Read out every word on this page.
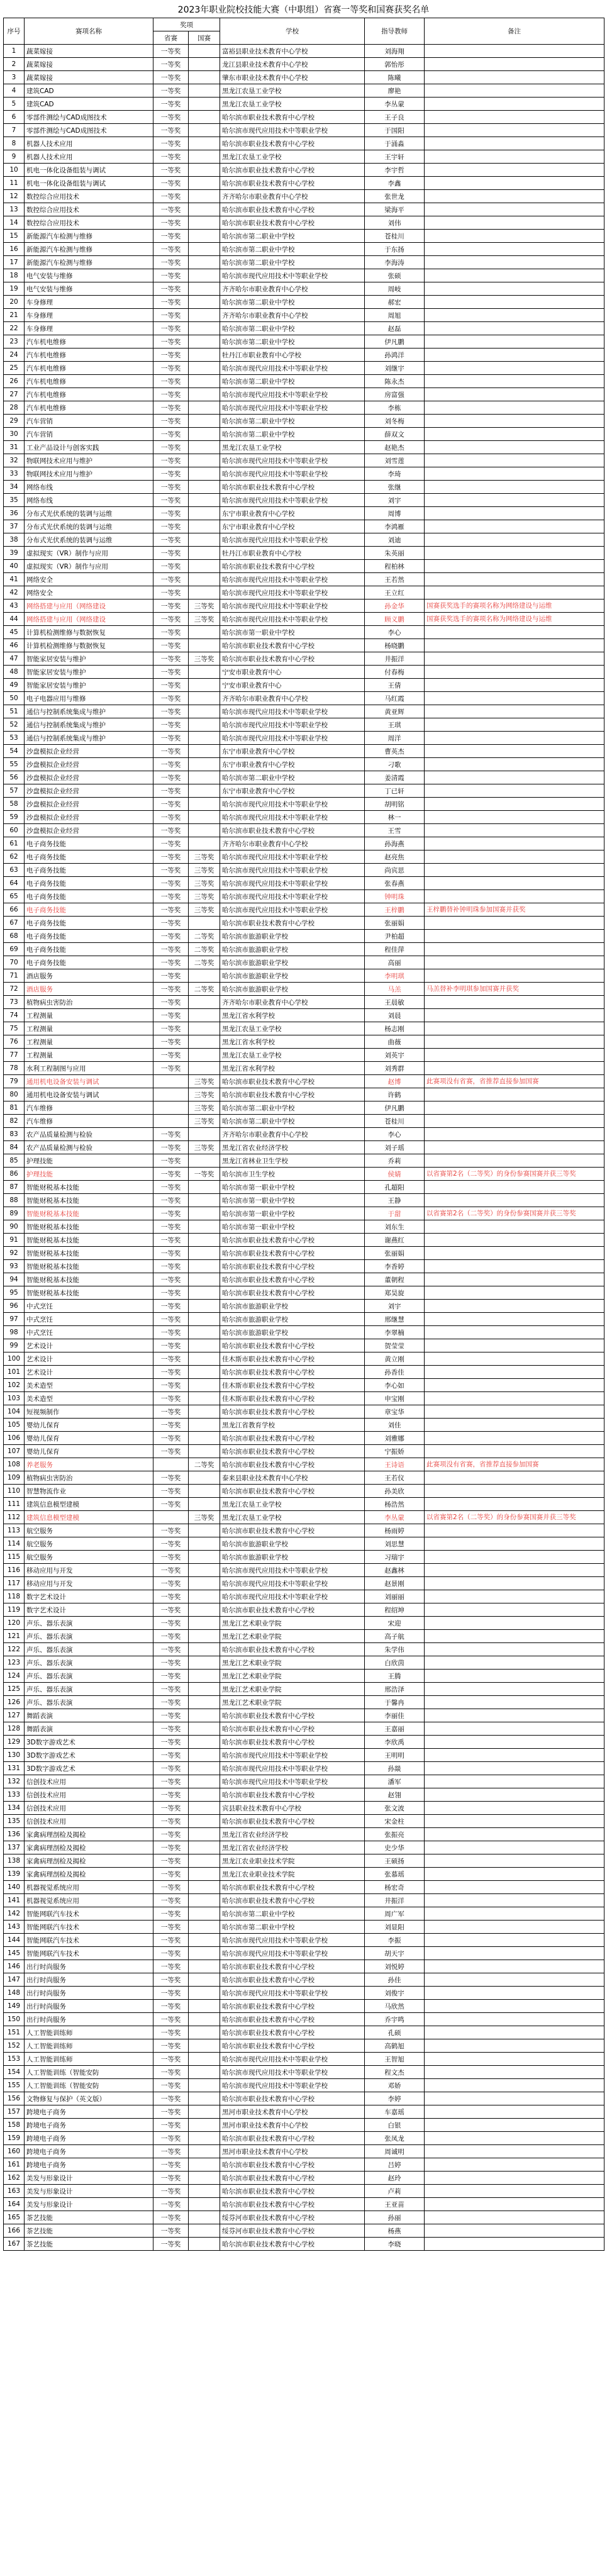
2023年职业院校技能大赛（中职组）省赛一等奖和国赛获奖名单
序号	赛项名称	奖项		学校	指导教师	备注
		省赛	国赛			
1	蔬菜嫁接	一等奖		富裕县职业技术教育中心学校	刘海翔	
2	蔬菜嫁接	一等奖		龙江县职业技术教育中心学校	郭怡彤	
3	蔬菜嫁接	一等奖		肇东市职业技术教育中心学校	陈曦	
4	建筑CAD	一等奖		黑龙江农垦工业学校	廖艳	
5	建筑CAD	一等奖		黑龙江农垦工业学校	李丛蒙	
6	零部件测绘与CAD成图技术	一等奖		哈尔滨市职业技术教育中心学校	王子良	
7	零部件测绘与CAD成图技术	一等奖		哈尔滨市现代应用技术中等职业学校	于国阳	
8	机器人技术应用	一等奖		哈尔滨市职业技术教育中心学校	于涌淼	
9	机器人技术应用	一等奖		黑龙江农垦工业学校	王宇轩	
10	机电一体化设备组装与调试	一等奖		哈尔滨市职业技术教育中心学校	李宇哲	
11	机电一体化设备组装与调试	一等奖		哈尔滨市职业技术教育中心学校	李鑫	
12	数控综合应用技术	一等奖		齐齐哈尔市职业教育中心学校	张世龙	
13	数控综合应用技术	一等奖		哈尔滨市职业技术教育中心学校	梁海平	
14	数控综合应用技术	一等奖		哈尔滨市职业技术教育中心学校	刘伟	
15	新能源汽车检测与维修	一等奖		哈尔滨市第二职业中学校	苍桂川	
16	新能源汽车检测与维修	一等奖		哈尔滨市第二职业中学校	于东扬	
17	新能源汽车检测与维修	一等奖		哈尔滨市第二职业中学校	李海涛	
18	电气安装与维修	一等奖		哈尔滨市现代应用技术中等职业学校	张硕	
19	电气安装与维修	一等奖		齐齐哈尔市职业教育中心学校	周岐	
20	车身修理	一等奖		哈尔滨市第二职业中学校	郝宏	
21	车身修理	一等奖		齐齐哈尔市职业教育中心学校	周旭	
22	车身修理	一等奖		哈尔滨市第二职业中学校	赵磊	
23	汽车机电维修	一等奖		哈尔滨市第二职业中学校	伊凡鹏	
24	汽车机电维修	一等奖		牡丹江市职业教育中心学校	孙鸿洋	
25	汽车机电维修	一等奖		哈尔滨市现代应用技术中等职业学校	刘继宇	
26	汽车机电维修	一等奖		哈尔滨市第二职业中学校	陈永杰	
27	汽车机电维修	一等奖		哈尔滨市现代应用技术中等职业学校	房富强	
28	汽车机电维修	一等奖		哈尔滨市现代应用技术中等职业学校	李栋	
29	汽车营销	一等奖		哈尔滨市第二职业中学校	刘冬梅	
30	汽车营销	一等奖		哈尔滨市第二职业中学校	薛双文	
31	工业产品设计与创客实践	一等奖		黑龙江农垦工业学校	赵艳杰	
32	物联网技术应用与维护	一等奖		哈尔滨市现代应用技术中等职业学校	刘雪莲	
33	物联网技术应用与维护	一等奖		哈尔滨市现代应用技术中等职业学校	李琦	
34	网络布线	一等奖		哈尔滨市职业技术教育中心学校	张继	
35	网络布线	一等奖		哈尔滨市现代应用技术中等职业学校	刘宇	
36	分布式光伏系统的装调与运维	一等奖		东宁市职业教育中心学校	周博	
37	分布式光伏系统的装调与运维	一等奖		东宁市职业教育中心学校	李鸿雁	
38	分布式光伏系统的装调与运维	一等奖		哈尔滨市现代应用技术中等职业学校	刘迪	
39	虚拟现实（VR）制作与应用	一等奖		牡丹江市职业教育中心学校	朱英丽	
40	虚拟现实（VR）制作与应用	一等奖		哈尔滨市职业技术教育中心学校	程柏林	
41	网络安全	一等奖		哈尔滨市现代应用技术中等职业学校	王若然	
42	网络安全	一等奖		哈尔滨市现代应用技术中等职业学校	王立红	
43	网络搭建与应用（网络建设	一等奖	三等奖	哈尔滨市现代应用技术中等职业学校	孙金华	国赛获奖选手的赛项名称为网络建设与运维
44	网络搭建与应用（网络建设	一等奖	三等奖	哈尔滨市现代应用技术中等职业学校	顾义鹏	国赛获奖选手的赛项名称为网络建设与运维
45	计算机检测维修与数据恢复	一等奖		哈尔滨市第一职业中学校	李心	
46	计算机检测维修与数据恢复	一等奖		哈尔滨市职业技术教育中心学校	杨晓鹏	
47	智能家居安装与维护	一等奖	三等奖	哈尔滨市职业技术教育中心学校	井振洋	
48	智能家居安装与维护	一等奖		宁安市职业教育中心	付春梅	
49	智能家居安装与维护	一等奖		宁安市职业教育中心	王倩	
50	电子电器应用与维修	一等奖		齐齐哈尔市职业教育中心学校	马红霞	
51	通信与控制系统集成与维护	一等奖		哈尔滨市现代应用技术中等职业学校	黄亚辉	
52	通信与控制系统集成与维护	一等奖		哈尔滨市现代应用技术中等职业学校	王琪	
53	通信与控制系统集成与维护	一等奖		哈尔滨市现代应用技术中等职业学校	周洋	
54	沙盘模拟企业经营	一等奖		东宁市职业教育中心学校	曹英杰	
55	沙盘模拟企业经营	一等奖		东宁市职业教育中心学校	刁歌	
56	沙盘模拟企业经营	一等奖		哈尔滨市第二职业中学校	姜清霞	
57	沙盘模拟企业经营	一等奖		东宁市职业教育中心学校	丁已轩	
58	沙盘模拟企业经营	一等奖		哈尔滨市现代应用技术中等职业学校	胡明铭	
59	沙盘模拟企业经营	一等奖		哈尔滨市现代应用技术中等职业学校	林一	
60	沙盘模拟企业经营	一等奖		哈尔滨市职业技术教育中心学校	王雪	
61	电子商务技能	一等奖		齐齐哈尔市职业教育中心学校	孙海燕	
62	电子商务技能	一等奖	三等奖	哈尔滨市现代应用技术中等职业学校	赵亮焦	
63	电子商务技能	一等奖	三等奖	哈尔滨市现代应用技术中等职业学校	尚宾思	
64	电子商务技能	一等奖	三等奖	哈尔滨市现代应用技术中等职业学校	张春燕	
65	电子商务技能	一等奖	三等奖	哈尔滨市现代应用技术中等职业学校	钟明珠	
66	电子商务技能	一等奖	三等奖	哈尔滨市现代应用技术中等职业学校	王梓鹏	王梓鹏替补钟明珠参加国赛并获奖
67	电子商务技能	一等奖		哈尔滨市职业技术教育中心学校	张丽娟	
68	电子商务技能	一等奖	二等奖	哈尔滨市旅游职业学校	尹柏超	
69	电子商务技能	一等奖	二等奖	哈尔滨市旅游职业学校	程佳萍	
70	电子商务技能	一等奖	二等奖	哈尔滨市旅游职业学校	高丽	
71	酒店服务	一等奖		哈尔滨市旅游职业学校	李明琪	
72	酒店服务	一等奖	二等奖	哈尔滨市旅游职业学校	马羔	马羔替补李明琪参加国赛并获奖
73	植物病虫害防治	一等奖		齐齐哈尔市职业教育中心学校	王晨敏	
74	工程测量	一等奖		黑龙江省水利学校	刘晨	
75	工程测量	一等奖		黑龙江农垦工业学校	杨志刚	
76	工程测量	一等奖		黑龙江省水利学校	曲薇	
77	工程测量	一等奖		黑龙江农垦工业学校	刘英宇	
78	水利工程制图与应用	一等奖		黑龙江省水利学校	刘秀群	
79	通用机电设备安装与调试		三等奖	哈尔滨市职业技术教育中心学校	赵博	此赛项没有省赛，省推荐直接参加国赛
80	通用机电设备安装与调试		三等奖	哈尔滨市职业技术教育中心学校	许鹤	
81	汽车维修		三等奖	哈尔滨市第二职业中学校	伊凡鹏	
82	汽车维修		三等奖	哈尔滨市第二职业中学校	苍桂川	
83	农产品质量检测与检验	一等奖		齐齐哈尔市职业教育中心学校	李心	
84	农产品质量检测与检验	一等奖	三等奖	黑龙江省农业经济学校	刘子瑶	
85	护理技能	一等奖		黑龙江省林业卫生学校	乔莉	
86	护理技能	一等奖	一等奖	哈尔滨市卫生学校	侯婧	以省赛第2名（二等奖）的身份参赛国赛并获三等奖
87	智能财税基本技能	一等奖		哈尔滨市第一职业中学校	孔超阳	
88	智能财税基本技能	一等奖		哈尔滨市第一职业中学校	王静	
89	智能财税基本技能	一等奖		哈尔滨市第一职业中学校	于甜	以省赛第2名（二等奖）的身份参赛国赛并获三等奖
90	智能财税基本技能	一等奖		哈尔滨市第一职业中学校	刘东生	
91	智能财税基本技能	一等奖		哈尔滨市职业技术教育中心学校	谢燕红	
92	智能财税基本技能	一等奖		哈尔滨市职业技术教育中心学校	张丽娟	
93	智能财税基本技能	一等奖		哈尔滨市职业技术教育中心学校	李香婷	
94	智能财税基本技能	一等奖		哈尔滨市职业技术教育中心学校	董朝程	
95	智能财税基本技能	一等奖		哈尔滨市职业技术教育中心学校	郑昊旋	
96	中式烹饪	一等奖		哈尔滨市旅游职业学校	刘宇	
97	中式烹饪	一等奖		哈尔滨市旅游职业学校	邢继慧	
98	中式烹饪	一等奖		哈尔滨市旅游职业学校	李翠楠	
99	艺术设计	一等奖		哈尔滨市职业技术教育中心学校	贺莹莹	
100	艺术设计	一等奖		佳木斯市职业技术教育中心学校	黄立刚	
101	艺术设计	一等奖		哈尔滨市职业技术教育中心学校	孙香佳	
102	美术造型	一等奖		佳木斯市职业技术教育中心学校	李心如	
103	美术造型	一等奖		佳木斯市职业技术教育中心学校	申宝刚	
104	短视频制作	一等奖		哈尔滨市职业技术教育中心学校	章宝华	
105	婴幼儿保育	一等奖		黑龙江省教育学校	刘佳	
106	婴幼儿保育	一等奖		哈尔滨市职业技术教育中心学校	刘雅娜	
107	婴幼儿保育	一等奖		哈尔滨市职业技术教育中心学校	宁振娇	
108	养老服务		二等奖	哈尔滨市职业技术教育中心学校	王诗语	此赛项没有省赛，省推荐直接参加国赛
109	植物病虫害防治	一等奖		泰来县职业技术教育中心学校	王若仪	
110	智慧物流作业	一等奖		哈尔滨市职业技术教育中心学校	孙美欣	
111	建筑信息模型建模	一等奖		黑龙江农垦工业学校	杨浩然	
112	建筑信息模型建模		三等奖	黑龙江农垦工业学校	李丛蒙	以省赛第2名（二等奖）的身份参赛国赛并获三等奖
113	航空服务	一等奖		哈尔滨市职业技术教育中心学校	杨雨婷	
114	航空服务	一等奖		哈尔滨市旅游职业学校	刘思慧	
115	航空服务	一等奖		哈尔滨市旅游职业学校	习瑞宇	
116	移动应用与开发	一等奖		哈尔滨市现代应用技术中等职业学校	赵鑫林	
117	移动应用与开发	一等奖		哈尔滨市现代应用技术中等职业学校	赵景刚	
118	数字艺术设计	一等奖		哈尔滨市现代应用技术中等职业学校	刘丽丽	
119	数字艺术设计	一等奖		哈尔滨市职业技术教育中心学校	程绍坤	
120	声乐、器乐表演	一等奖		黑龙江艺术职业学院	宋迎	
121	声乐、器乐表演	一等奖		黑龙江艺术职业学院	高子航	
122	声乐、器乐表演	一等奖		哈尔滨市职业技术教育中心学校	朱学伟	
123	声乐、器乐表演	一等奖		黑龙江艺术职业学院	白欣茵	
124	声乐、器乐表演	一等奖		黑龙江艺术职业学院	王腾	
125	声乐、器乐表演	一等奖		黑龙江艺术职业学院	邢浩泽	
126	声乐、器乐表演	一等奖		黑龙江艺术职业学院	于馨冉	
127	舞蹈表演	一等奖		哈尔滨市职业技术教育中心学校	李丽佳	
128	舞蹈表演	一等奖		哈尔滨市职业技术教育中心学校	王嘉丽	
129	3D数字游戏艺术	一等奖		哈尔滨市职业技术教育中心学校	李欣禹	
130	3D数字游戏艺术	一等奖		哈尔滨市现代应用技术中等职业学校	王明明	
131	3D数字游戏艺术	一等奖		哈尔滨市现代应用技术中等职业学校	孙燚	
132	信创技术应用	一等奖		哈尔滨市现代应用技术中等职业学校	潘军	
133	信创技术应用	一等奖		哈尔滨市职业技术教育中心学校	赵翎	
134	信创技术应用	一等奖		宾县职业技术教育中心学校	张文波	
135	信创技术应用	一等奖		哈尔滨市职业技术教育中心学校	宋金柱	
136	家禽病理剖检及揭检	一等奖		黑龙江省农业经济学校	张振亮	
137	家禽病理剖检及揭检	一等奖		黑龙江省农业经济学校	史少华	
138	家禽病理剖检及揭检	一等奖		黑龙江农业职业技术学院	王硕扬	
139	家禽病理剖检及揭检	一等奖		黑龙江农业职业技术学院	张慕瑶	
140	机器视觉系统应用	一等奖		哈尔滨市职业技术教育中心学校	杨宏奇	
141	机器视觉系统应用	一等奖		哈尔滨市职业技术教育中心学校	井振洋	
142	智能网联汽车技术	一等奖		哈尔滨市第二职业中学校	周广军	
143	智能网联汽车技术	一等奖		哈尔滨市第二职业中学校	刘显阳	
144	智能网联汽车技术	一等奖		哈尔滨市现代应用技术中等职业学校	李振	
145	智能网联汽车技术	一等奖		哈尔滨市现代应用技术中等职业学校	胡天宇	
146	出行时尚服务	一等奖		哈尔滨市职业技术教育中心学校	刘悦婷	
147	出行时尚服务	一等奖		哈尔滨市职业技术教育中心学校	孙佳	
148	出行时尚服务	一等奖		哈尔滨市现代应用技术中等职业学校	刘俊宇	
149	出行时尚服务	一等奖		哈尔滨市职业技术教育中心学校	马欣然	
150	出行时尚服务	一等奖		哈尔滨市职业技术教育中心学校	乔宇鸣	
151	人工智能训练师	一等奖		哈尔滨市职业技术教育中心学校	孔硕	
152	人工智能训练师	一等奖		哈尔滨市职业技术教育中心学校	高鹤旭	
153	人工智能训练师	一等奖		哈尔滨市现代应用技术中等职业学校	王智旭	
154	人工智能训练（智能安防	一等奖		哈尔滨市现代应用技术中等职业学校	程文杰	
155	人工智能训练（智能安防	一等奖		哈尔滨市现代应用技术中等职业学校	邓娇	
156	文物修复与保护（英文版）	一等奖		哈尔滨市职业技术教育中心学校	李婷	
157	跨境电子商务	一等奖		黑河市职业技术教育中心学校	车嘉瑶	
158	跨境电子商务	一等奖		黑河市职业技术教育中心学校	白银	
159	跨境电子商务	一等奖		哈尔滨市职业技术教育中心学校	张凤龙	
160	跨境电子商务	一等奖		黑河市职业技术教育中心学校	周诚明	
161	跨境电子商务	一等奖		哈尔滨市职业技术教育中心学校	吕婷	
162	美发与形象设计	一等奖		哈尔滨市职业技术教育中心学校	赵玲	
163	美发与形象设计	一等奖		哈尔滨市职业技术教育中心学校	卢莉	
164	美发与形象设计	一等奖		哈尔滨市职业技术教育中心学校	王亚苗	
165	茶艺技能	一等奖		绥芬河市职业技术教育中心学校	孙丽	
166	茶艺技能	一等奖		绥芬河市职业技术教育中心学校	杨燕	
167	茶艺技能	一等奖		哈尔滨市职业技术教育中心学校	李晓	
